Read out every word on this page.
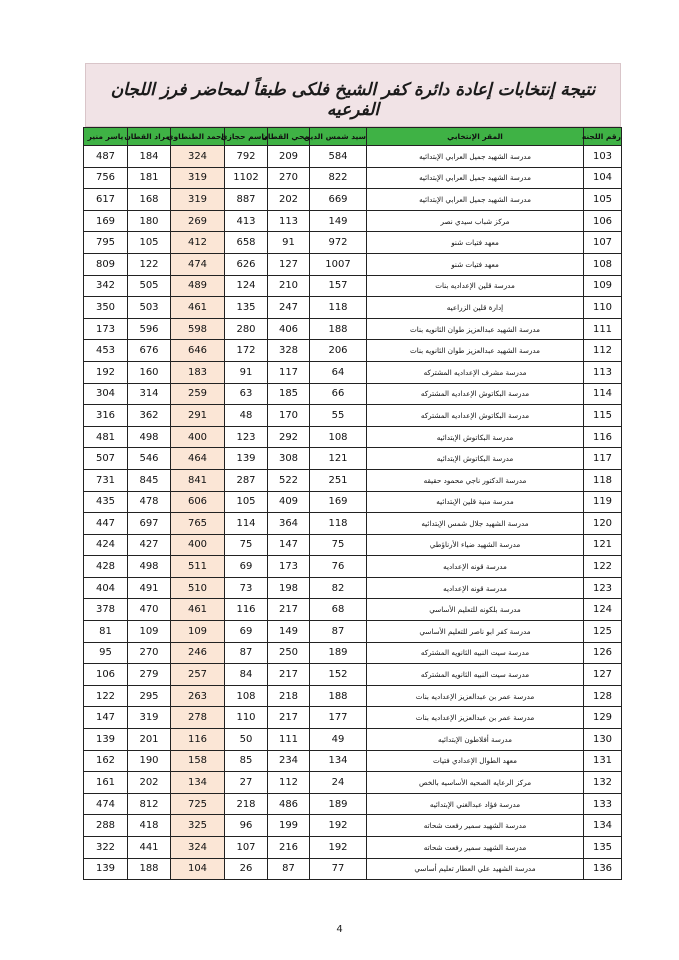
نتيجة إنتخابات إعادة دائرة كفر الشيخ فلكى طبقاً لمحاضر فرز اللجان الفرعيه
رقم اللجنه	المقر الإنتخابي	سيد شمس الدين	محي القطان	باسم حجازي	احمد الطنطاوي	مراد القطان	ياسر منير
103	مدرسة الشهيد جميل العرابي الإبتدائيه	584	209	792	324	184	487
104	مدرسة الشهيد جميل العرابي الإبتدائيه	822	270	1102	319	181	756
105	مدرسة الشهيد جميل العرابي الإبتدائيه	669	202	887	319	168	617
106	مركز شباب سيدي نصر	149	113	413	269	180	169
107	معهد فتيات شنو	972	91	658	412	105	795
108	معهد فتيات شنو	1007	127	626	474	122	809
109	مدرسة قلين الإعداديه بنات	157	210	124	489	505	342
110	إدارة قلين الزراعيه	118	247	135	461	503	350
111	مدرسة الشهيد عبدالعزيز طوان الثانويه بنات	188	406	280	598	596	173
112	مدرسة الشهيد عبدالعزيز طوان الثانويه بنات	206	328	172	646	676	453
113	مدرسة مشرف الإعداديه المشتركه	64	117	91	183	160	192
114	مدرسة البكاتوش الإعداديه المشتركه	66	185	63	259	314	304
115	مدرسة البكاتوش الإعداديه المشتركه	55	170	48	291	362	316
116	مدرسة البكاتوش الإبتدائيه	108	292	123	400	498	481
117	مدرسة البكاتوش الإبتدائيه	121	308	139	464	546	507
118	مدرسة الدكتور ناجي محمود حقيقه	251	522	287	841	845	731
119	مدرسة منية قلين الإبتدائيه	169	409	105	606	478	435
120	مدرسة الشهيد جلال شمس الإبتدائيه	118	364	114	765	697	447
121	مدرسة الشهيد ضياء الأرناؤطي	75	147	75	400	427	424
122	مدرسة قونه الإعداديه	76	173	69	511	498	428
123	مدرسة قونه الإعداديه	82	198	73	510	491	404
124	مدرسة بلكونه للتعليم الأساسي	68	217	116	461	470	378
125	مدرسة كفر ابو ناصر للتعليم الأساسي	87	149	69	109	109	81
126	مدرسة سيت النبيه الثانويه المشتركه	189	250	87	246	270	95
127	مدرسة سيت النبيه الثانويه المشتركه	152	217	84	257	279	106
128	مدرسة عمر بن عبدالعزيز الإعداديه بنات	188	218	108	263	295	122
129	مدرسة عمر بن عبدالعزيز الإعداديه بنات	177	217	110	278	319	147
130	مدرسة أفلاطون الإبتدائيه	49	111	50	116	201	139
131	معهد الطوال الإعدادي فتيات	134	234	85	158	190	162
132	مركز الرعايه الصحيه الأساسيه بالخص	24	112	27	134	202	161
133	مدرسة فؤاد عبدالغني الإبتدائيه	189	486	218	725	812	474
134	مدرسة الشهيد سمير رفعت شحاته	192	199	96	325	418	288
135	مدرسة الشهيد سمير رفعت شحاته	192	216	107	324	441	322
136	مدرسة الشهيد علي العطار تعليم أساسي	77	87	26	104	188	139
4
